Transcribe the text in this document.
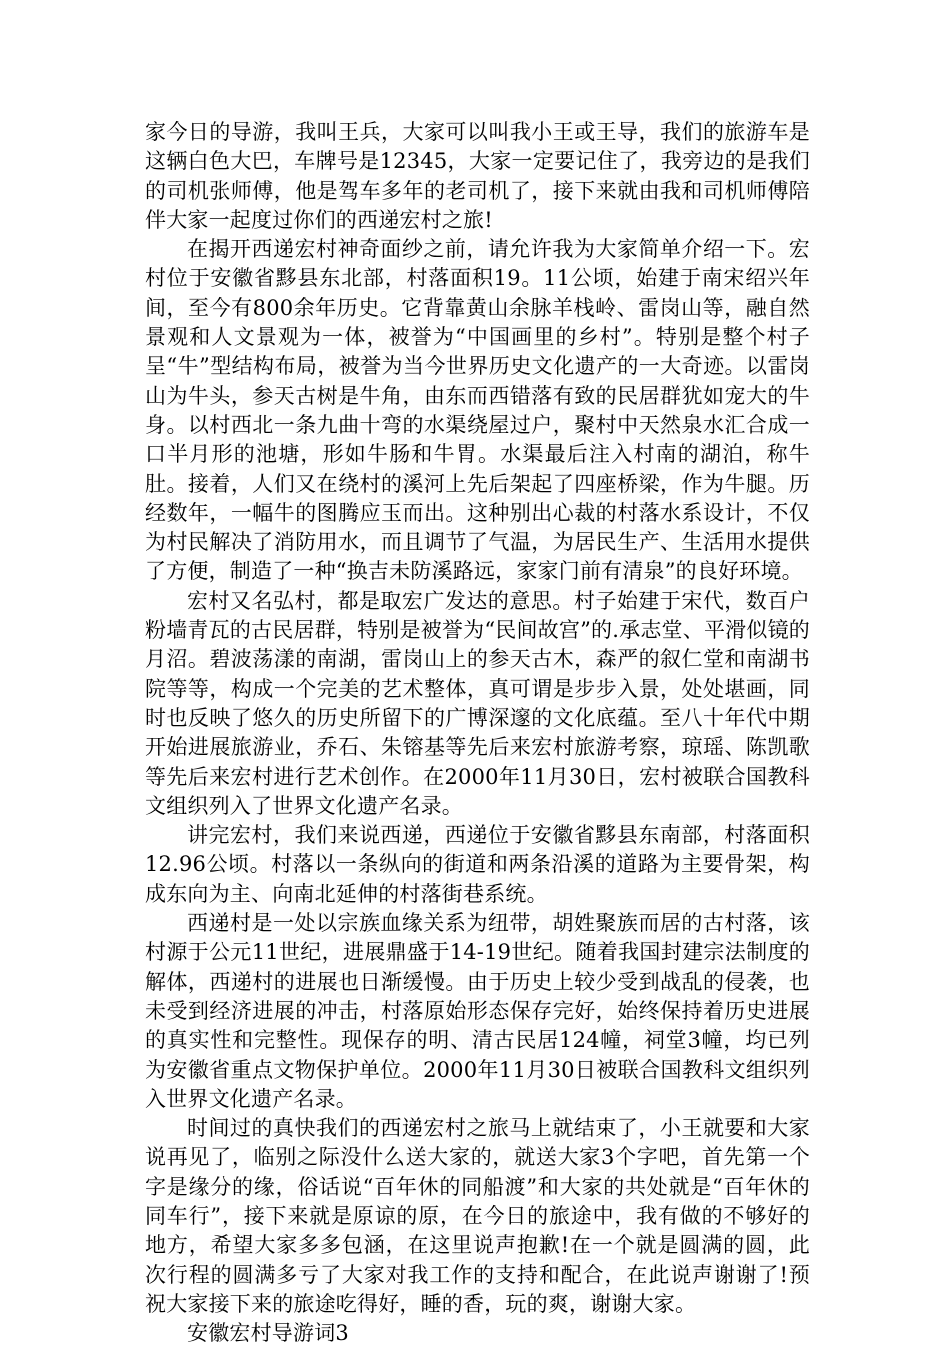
家今日的导游，我叫王兵，大家可以叫我小王或王导，我们的旅游车是这辆白色大巴，车牌号是12345，大家一定要记住了，我旁边的是我们的司机张师傅，他是驾车多年的老司机了，接下来就由我和司机师傅陪伴大家一起度过你们的西递宏村之旅!

在揭开西递宏村神奇面纱之前，请允许我为大家简单介绍一下。宏村位于安徽省黟县东北部，村落面积19。11公顷，始建于南宋绍兴年间，至今有800余年历史。它背靠黄山余脉羊栈岭、雷岗山等，融自然景观和人文景观为一体，被誉为“中国画里的乡村”。特别是整个村子呈“牛”型结构布局，被誉为当今世界历史文化遗产的一大奇迹。以雷岗山为牛头，参天古树是牛角，由东而西错落有致的民居群犹如宠大的牛身。以村西北一条九曲十弯的水渠绕屋过户，聚村中天然泉水汇合成一口半月形的池塘，形如牛肠和牛胃。水渠最后注入村南的湖泊，称牛肚。接着，人们又在绕村的溪河上先后架起了四座桥梁，作为牛腿。历经数年，一幅牛的图腾应玉而出。这种别出心裁的村落水系设计，不仅为村民解决了消防用水，而且调节了气温，为居民生产、生活用水提供了方便，制造了一种“换吉未防溪路远，家家门前有清泉”的良好环境。

宏村又名弘村，都是取宏广发达的意思。村子始建于宋代，数百户粉墙青瓦的古民居群，特别是被誉为“民间故宫”的.承志堂、平滑似镜的月沼。碧波荡漾的南湖，雷岗山上的参天古木，森严的叙仁堂和南湖书院等等，构成一个完美的艺术整体，真可谓是步步入景，处处堪画，同时也反映了悠久的历史所留下的广博深邃的文化底蕴。至八十年代中期开始进展旅游业，乔石、朱镕基等先后来宏村旅游考察，琼瑶、陈凯歌等先后来宏村进行艺术创作。在2000年11月30日，宏村被联合国教科文组织列入了世界文化遗产名录。

讲完宏村，我们来说西递，西递位于安徽省黟县东南部，村落面积12.96公顷。村落以一条纵向的街道和两条沿溪的道路为主要骨架，构成东向为主、向南北延伸的村落街巷系统。

西递村是一处以宗族血缘关系为纽带，胡姓聚族而居的古村落，该村源于公元11世纪，进展鼎盛于14-19世纪。随着我国封建宗法制度的解体，西递村的进展也日渐缓慢。由于历史上较少受到战乱的侵袭，也未受到经济进展的冲击，村落原始形态保存完好，始终保持着历史进展的真实性和完整性。现保存的明、清古民居124幢，祠堂3幢，均已列为安徽省重点文物保护单位。2000年11月30日被联合国教科文组织列入世界文化遗产名录。

时间过的真快我们的西递宏村之旅马上就结束了，小王就要和大家说再见了，临别之际没什么送大家的，就送大家3个字吧，首先第一个字是缘分的缘，俗话说“百年休的同船渡”和大家的共处就是“百年休的同车行”，接下来就是原谅的原，在今日的旅途中，我有做的不够好的地方，希望大家多多包涵，在这里说声抱歉!在一个就是圆满的圆，此次行程的圆满多亏了大家对我工作的支持和配合，在此说声谢谢了!预祝大家接下来的旅途吃得好，睡的香，玩的爽，谢谢大家。

安徽宏村导游词3
